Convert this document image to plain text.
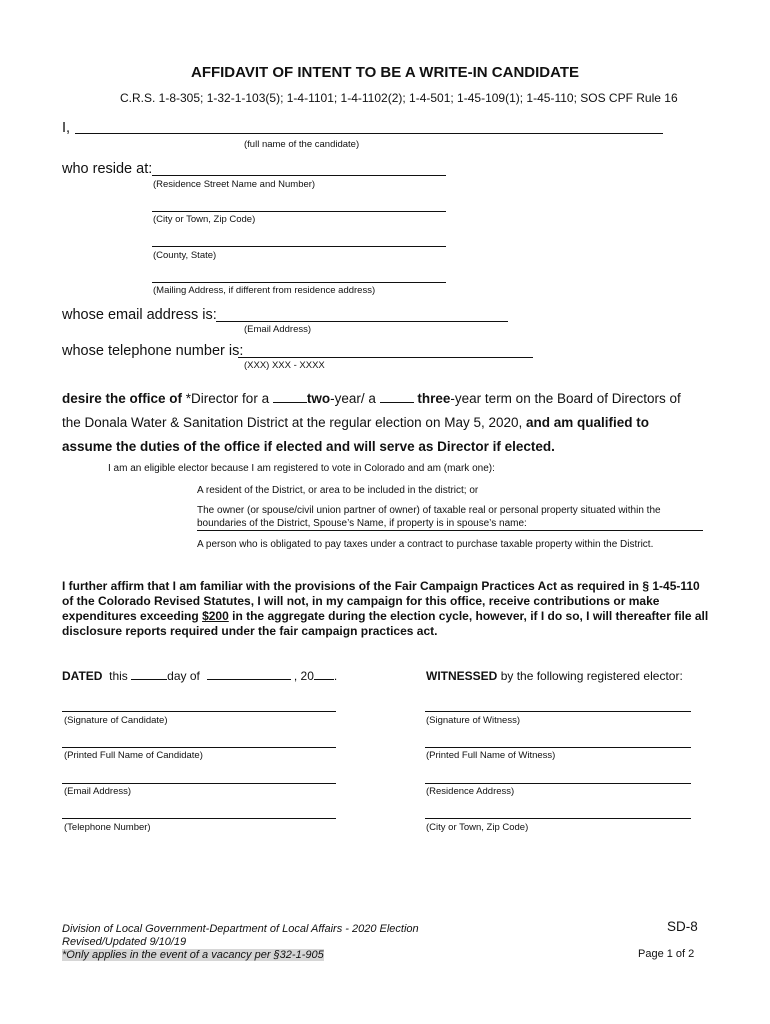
AFFIDAVIT OF INTENT TO BE A WRITE-IN CANDIDATE
C.R.S. 1-8-305; 1-32-1-103(5); 1-4-1101; 1-4-1102(2); 1-4-501; 1-45-109(1); 1-45-110; SOS CPF Rule 16
I,
(full name of the candidate)
who reside at:
(Residence Street Name and Number)
(City or Town, Zip Code)
(County, State)
(Mailing Address, if different from residence address)
whose email address is:
(Email Address)
whose telephone number is:
(XXX) XXX - XXXX
desire the office of *Director for a	two-year/ a	three-year term on the Board of Directors of
the Donala Water & Sanitation District at the regular election on May 5, 2020, and am qualified to
assume the duties of the office if elected and will serve as Director if elected.
I am an eligible elector because I am registered to vote in Colorado and am (mark one):
A resident of the District, or area to be included in the district; or
The owner (or spouse/civil union partner of owner) of taxable real or personal property situated within the boundaries of the District, Spouse’s Name, if property is in spouse’s name:
A person who is obligated to pay taxes under a contract to purchase taxable property within the District.
I further affirm that I am familiar with the provisions of the Fair Campaign Practices Act as required in § 1-45-110 of the Colorado Revised Statutes, I will not, in my campaign for this office, receive contributions or make expenditures exceeding $200 in the aggregate during the election cycle, however, if I do so, I will thereafter file all disclosure reports required under the fair campaign practices act.
DATED this	day of	, 20 .	WITNESSED by the following registered elector:
(Signature of Candidate)
(Printed Full Name of Candidate)
(Email Address)
(Telephone Number)
(Signature of Witness)
(Printed Full Name of Witness)
(Residence Address)
(City or Town, Zip Code)
Division of Local Government-Department of Local Affairs - 2020 Election
Revised/Updated 9/10/19
*Only applies in the event of a vacancy per §32-1-905
SD-8
Page 1 of 2
